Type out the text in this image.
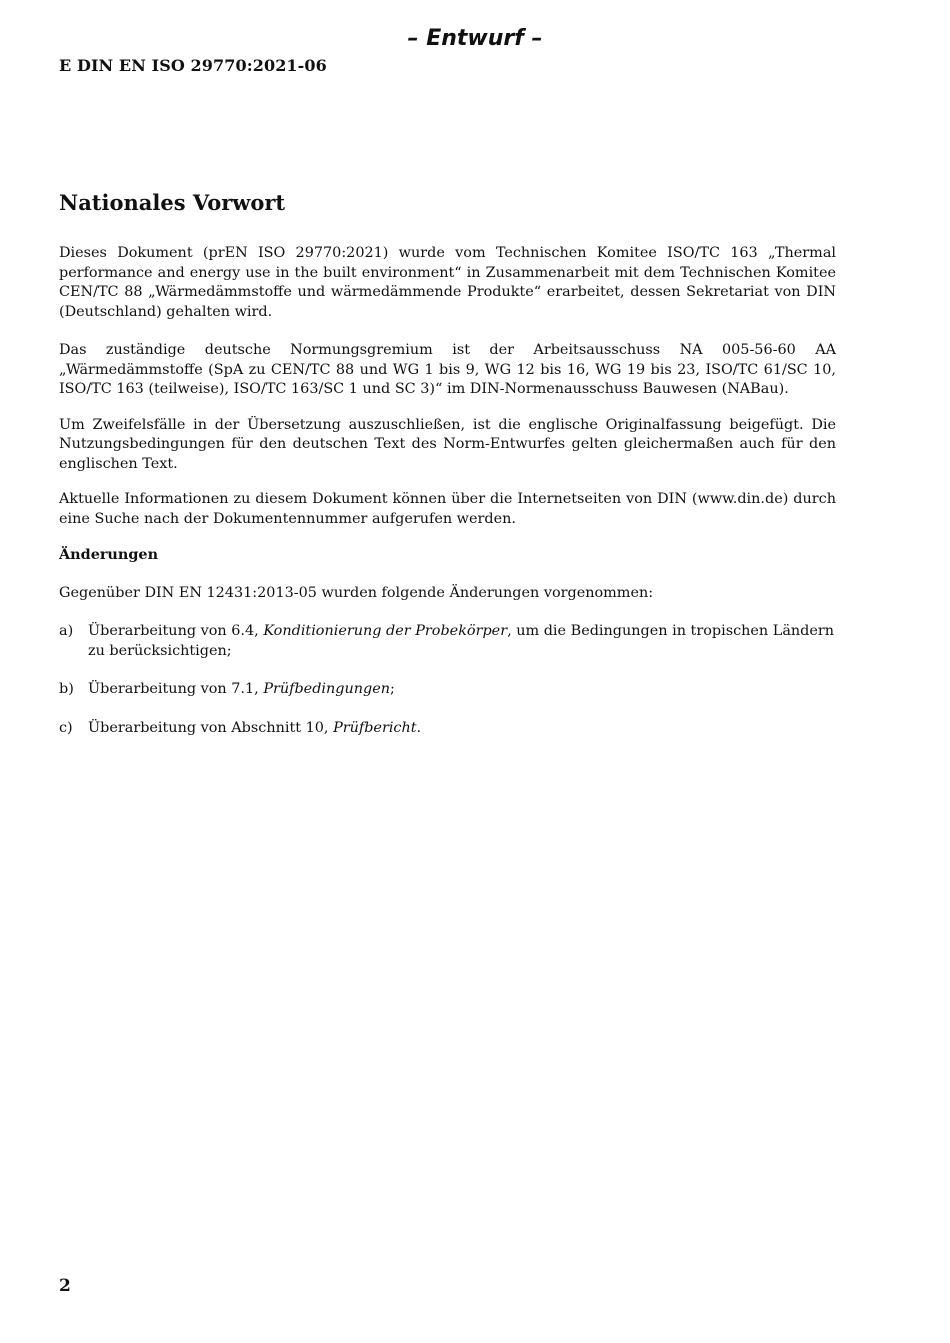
– Entwurf –
E DIN EN ISO 29770:2021-06
Nationales Vorwort

Dieses Dokument (prEN ISO 29770:2021) wurde vom Technischen Komitee ISO/TC 163 „Thermal performance and energy use in the built environment“ in Zusammenarbeit mit dem Technischen Komitee CEN/TC 88 „Wärmedämmstoffe und wärmedämmende Produkte“ erarbeitet, dessen Sekretariat von DIN (Deutschland) gehalten wird.

Das zuständige deutsche Normungsgremium ist der Arbeitsausschuss NA 005-56-60 AA „Wärmedämmstoffe (SpA zu CEN/TC 88 und WG 1 bis 9, WG 12 bis 16, WG 19 bis 23, ISO/TC 61/SC 10, ISO/TC 163 (teilweise), ISO/TC 163/SC 1 und SC 3)“ im DIN-Normenausschuss Bauwesen (NABau).

Um Zweifelsfälle in der Übersetzung auszuschließen, ist die englische Originalfassung beigefügt. Die Nutzungsbedingungen für den deutschen Text des Norm-Entwurfes gelten gleichermaßen auch für den englischen Text.

Aktuelle Informationen zu diesem Dokument können über die Internetseiten von DIN (www.din.de) durch eine Suche nach der Dokumentennummer aufgerufen werden.

Änderungen

Gegenüber DIN EN 12431:2013-05 wurden folgende Änderungen vorgenommen:

a) Überarbeitung von 6.4, Konditionierung der Probekörper, um die Bedingungen in tropischen Ländern zu berücksichtigen;
b) Überarbeitung von 7.1, Prüfbedingungen;
c) Überarbeitung von Abschnitt 10, Prüfbericht.
2
